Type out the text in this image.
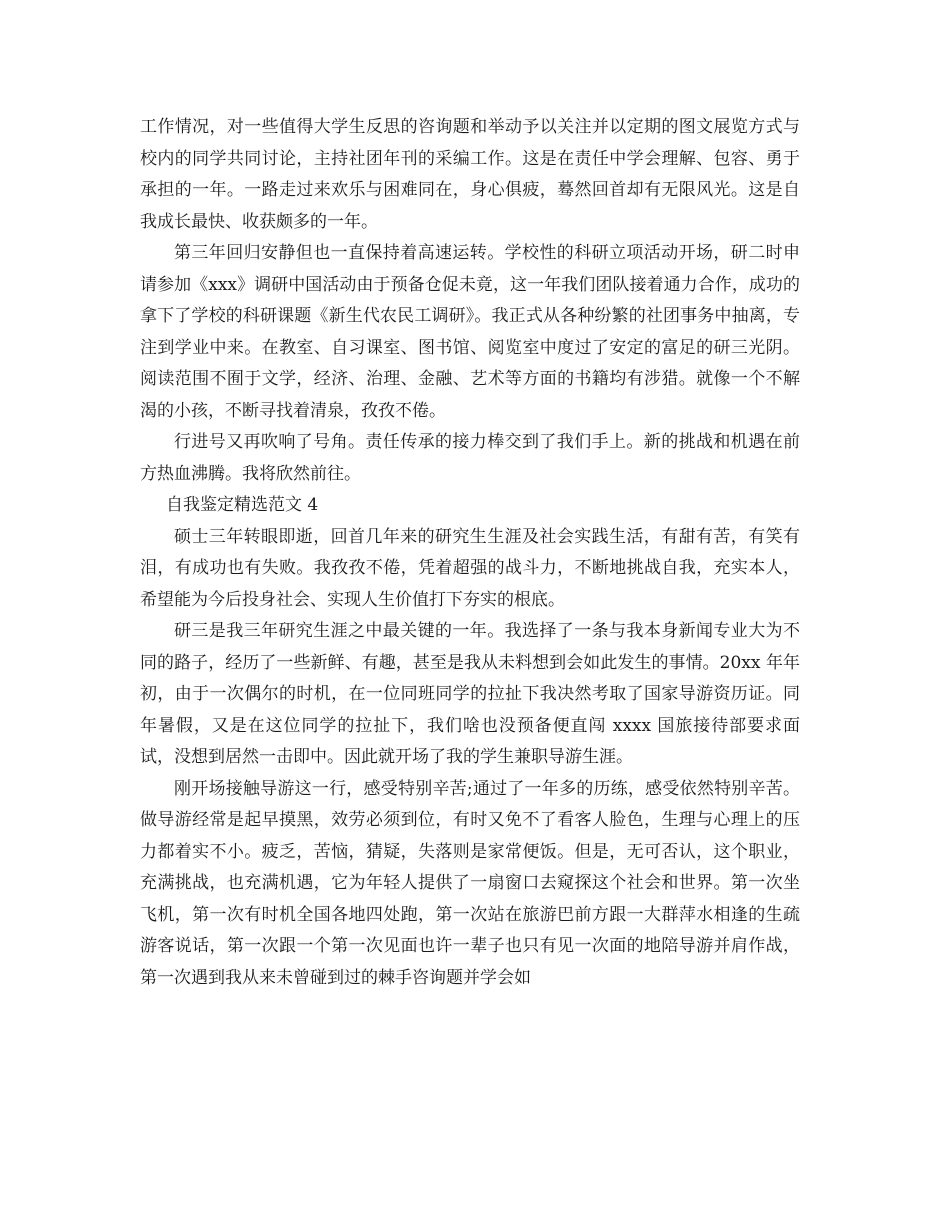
工作情况，对一些值得大学生反思的咨询题和举动予以关注并以定期的图文展览方式与校内的同学共同讨论，主持社团年刊的采编工作。这是在责任中学会理解、包容、勇于承担的一年。一路走过来欢乐与困难同在，身心俱疲，蓦然回首却有无限风光。这是自我成长最快、收获颇多的一年。

第三年回归安静但也一直保持着高速运转。学校性的科研立项活动开场，研二时申请参加《xxx》调研中国活动由于预备仓促未竟，这一年我们团队接着通力合作，成功的拿下了学校的科研课题《新生代农民工调研》。我正式从各种纷繁的社团事务中抽离，专注到学业中来。在教室、自习课室、图书馆、阅览室中度过了安定的富足的研三光阴。阅读范围不囿于文学，经济、治理、金融、艺术等方面的书籍均有涉猎。就像一个不解渴的小孩，不断寻找着清泉，孜孜不倦。

行进号又再吹响了号角。责任传承的接力棒交到了我们手上。新的挑战和机遇在前方热血沸腾。我将欣然前往。

自我鉴定精选范文 4

硕士三年转眼即逝，回首几年来的研究生生涯及社会实践生活，有甜有苦，有笑有泪，有成功也有失败。我孜孜不倦，凭着超强的战斗力，不断地挑战自我，充实本人，希望能为今后投身社会、实现人生价值打下夯实的根底。

研三是我三年研究生涯之中最关键的一年。我选择了一条与我本身新闻专业大为不同的路子，经历了一些新鲜、有趣，甚至是我从未料想到会如此发生的事情。20xx 年年初，由于一次偶尔的时机，在一位同班同学的拉扯下我决然考取了国家导游资历证。同年暑假，又是在这位同学的拉扯下，我们啥也没预备便直闯 xxxx 国旅接待部要求面试，没想到居然一击即中。因此就开场了我的学生兼职导游生涯。

刚开场接触导游这一行，感受特别辛苦;通过了一年多的历练，感受依然特别辛苦。做导游经常是起早摸黑，效劳必须到位，有时又免不了看客人脸色，生理与心理上的压力都着实不小。疲乏，苦恼，猜疑，失落则是家常便饭。但是，无可否认，这个职业，充满挑战，也充满机遇，它为年轻人提供了一扇窗口去窥探这个社会和世界。第一次坐飞机，第一次有时机全国各地四处跑，第一次站在旅游巴前方跟一大群萍水相逢的生疏游客说话，第一次跟一个第一次见面也许一辈子也只有见一次面的地陪导游并肩作战，第一次遇到我从来未曾碰到过的棘手咨询题并学会如
